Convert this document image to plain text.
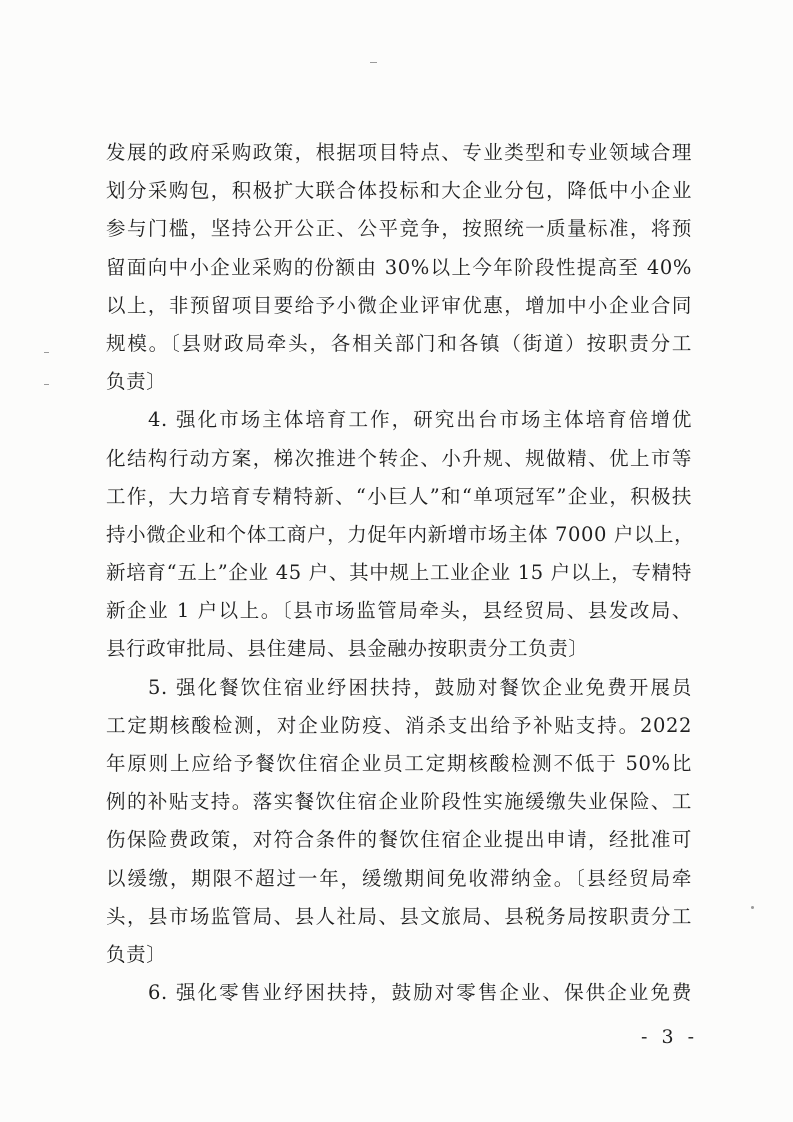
发展的政府采购政策，根据项目特点、专业类型和专业领域合理
划分采购包，积极扩大联合体投标和大企业分包，降低中小企业
参与门槛，坚持公开公正、公平竞争，按照统一质量标准，将预
留面向中小企业采购的份额由 30%以上今年阶段性提高至 40%
以上，非预留项目要给予小微企业评审优惠，增加中小企业合同
规模。〔县财政局牵头，各相关部门和各镇（街道）按职责分工
负责〕
4. 强化市场主体培育工作，研究出台市场主体培育倍增优
化结构行动方案，梯次推进个转企、小升规、规做精、优上市等
工作，大力培育专精特新、“小巨人”和“单项冠军”企业，积极扶
持小微企业和个体工商户，力促年内新增市场主体 7000 户以上，
新培育“五上”企业 45 户、其中规上工业企业 15 户以上，专精特
新企业 1 户以上。〔县市场监管局牵头，县经贸局、县发改局、
县行政审批局、县住建局、县金融办按职责分工负责〕
5. 强化餐饮住宿业纾困扶持，鼓励对餐饮企业免费开展员
工定期核酸检测，对企业防疫、消杀支出给予补贴支持。2022
年原则上应给予餐饮住宿企业员工定期核酸检测不低于 50%比
例的补贴支持。落实餐饮住宿企业阶段性实施缓缴失业保险、工
伤保险费政策，对符合条件的餐饮住宿企业提出申请，经批准可
以缓缴，期限不超过一年，缓缴期间免收滞纳金。〔县经贸局牵
头，县市场监管局、县人社局、县文旅局、县税务局按职责分工
负责〕
6. 强化零售业纾困扶持，鼓励对零售企业、保供企业免费
- 3 -
